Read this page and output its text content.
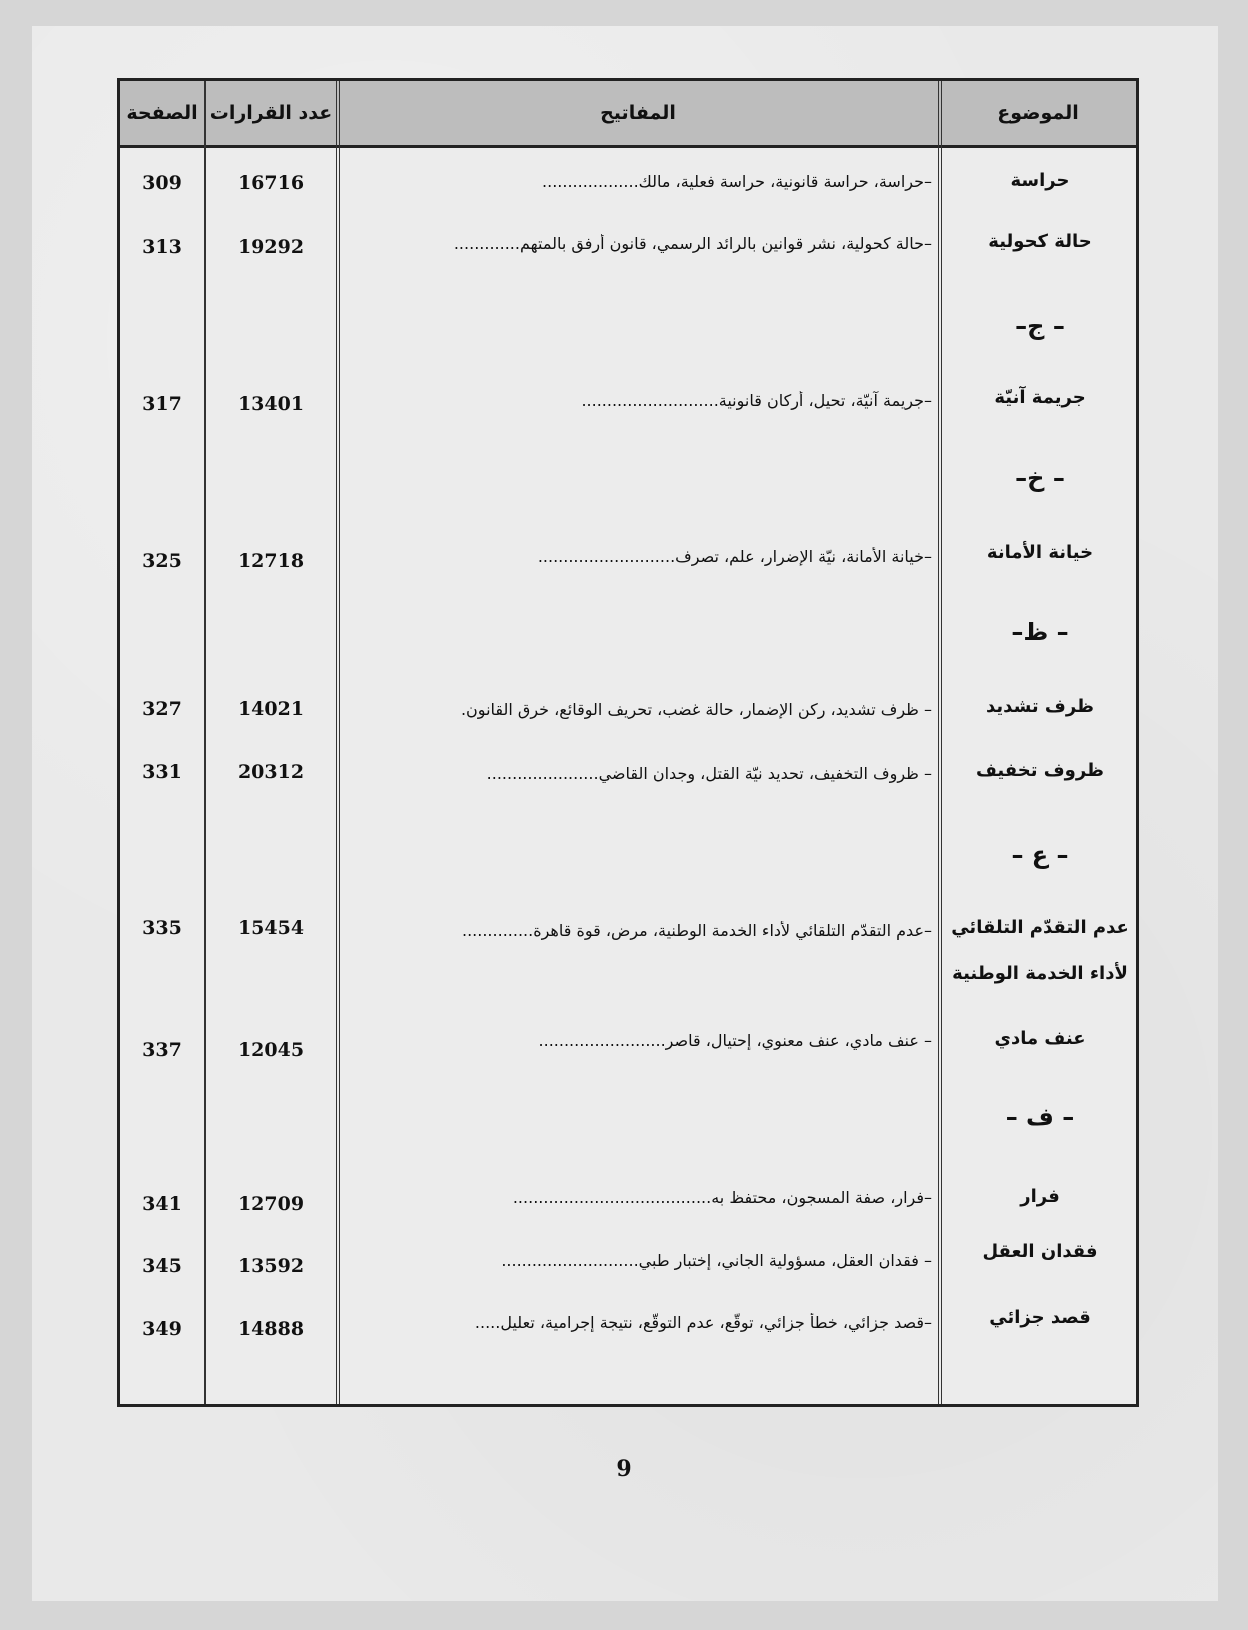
الصفحة عدد القرارات	المفاتيح	الموضوع
309	16716	–حراسة، حراسة قانونية، حراسة فعلية، مالك...................	حراسة
313	19292	–حالة كحولية، نشر قوانين بالرائد الرسمي، قانون أرفق بالمتهم.............	حالة كحولية
– ج–
317	13401	–جريمة آنيّة، تحيل، أركان قانونية...........................	جريمة آنيّة
– خ–
325	12718	–خيانة الأمانة، نيّة الإضرار، علم، تصرف...........................	خيانة الأمانة
– ظ–
327	14021	– ظرف تشديد، ركن الإضمار، حالة غضب، تحريف الوقائع، خرق القانون.	ظرف تشديد
331	20312	– ظروف التخفيف، تحديد نيّة القتل، وجدان القاضي......................	ظروف تخفيف
– ع –
335	15454	–عدم التقدّم التلقائي لأداء الخدمة الوطنية، مرض، قوة قاهرة..............	عدم التقدّم التلقائي
لأداء الخدمة الوطنية
337	12045	– عنف مادي، عنف معنوي، إحتيال، قاصر.........................	عنف مادي
– ف –
341	12709	–فرار، صفة المسجون، محتفظ به.......................................	فرار
345	13592	– فقدان العقل، مسؤولية الجاني، إختبار طبي...........................	فقدان العقل
349	14888	–قصد جزائي، خطأ جزائي، توقّع، عدم التوقّع، نتيجة إجرامية، تعليل.....	قصد جزائي
9
